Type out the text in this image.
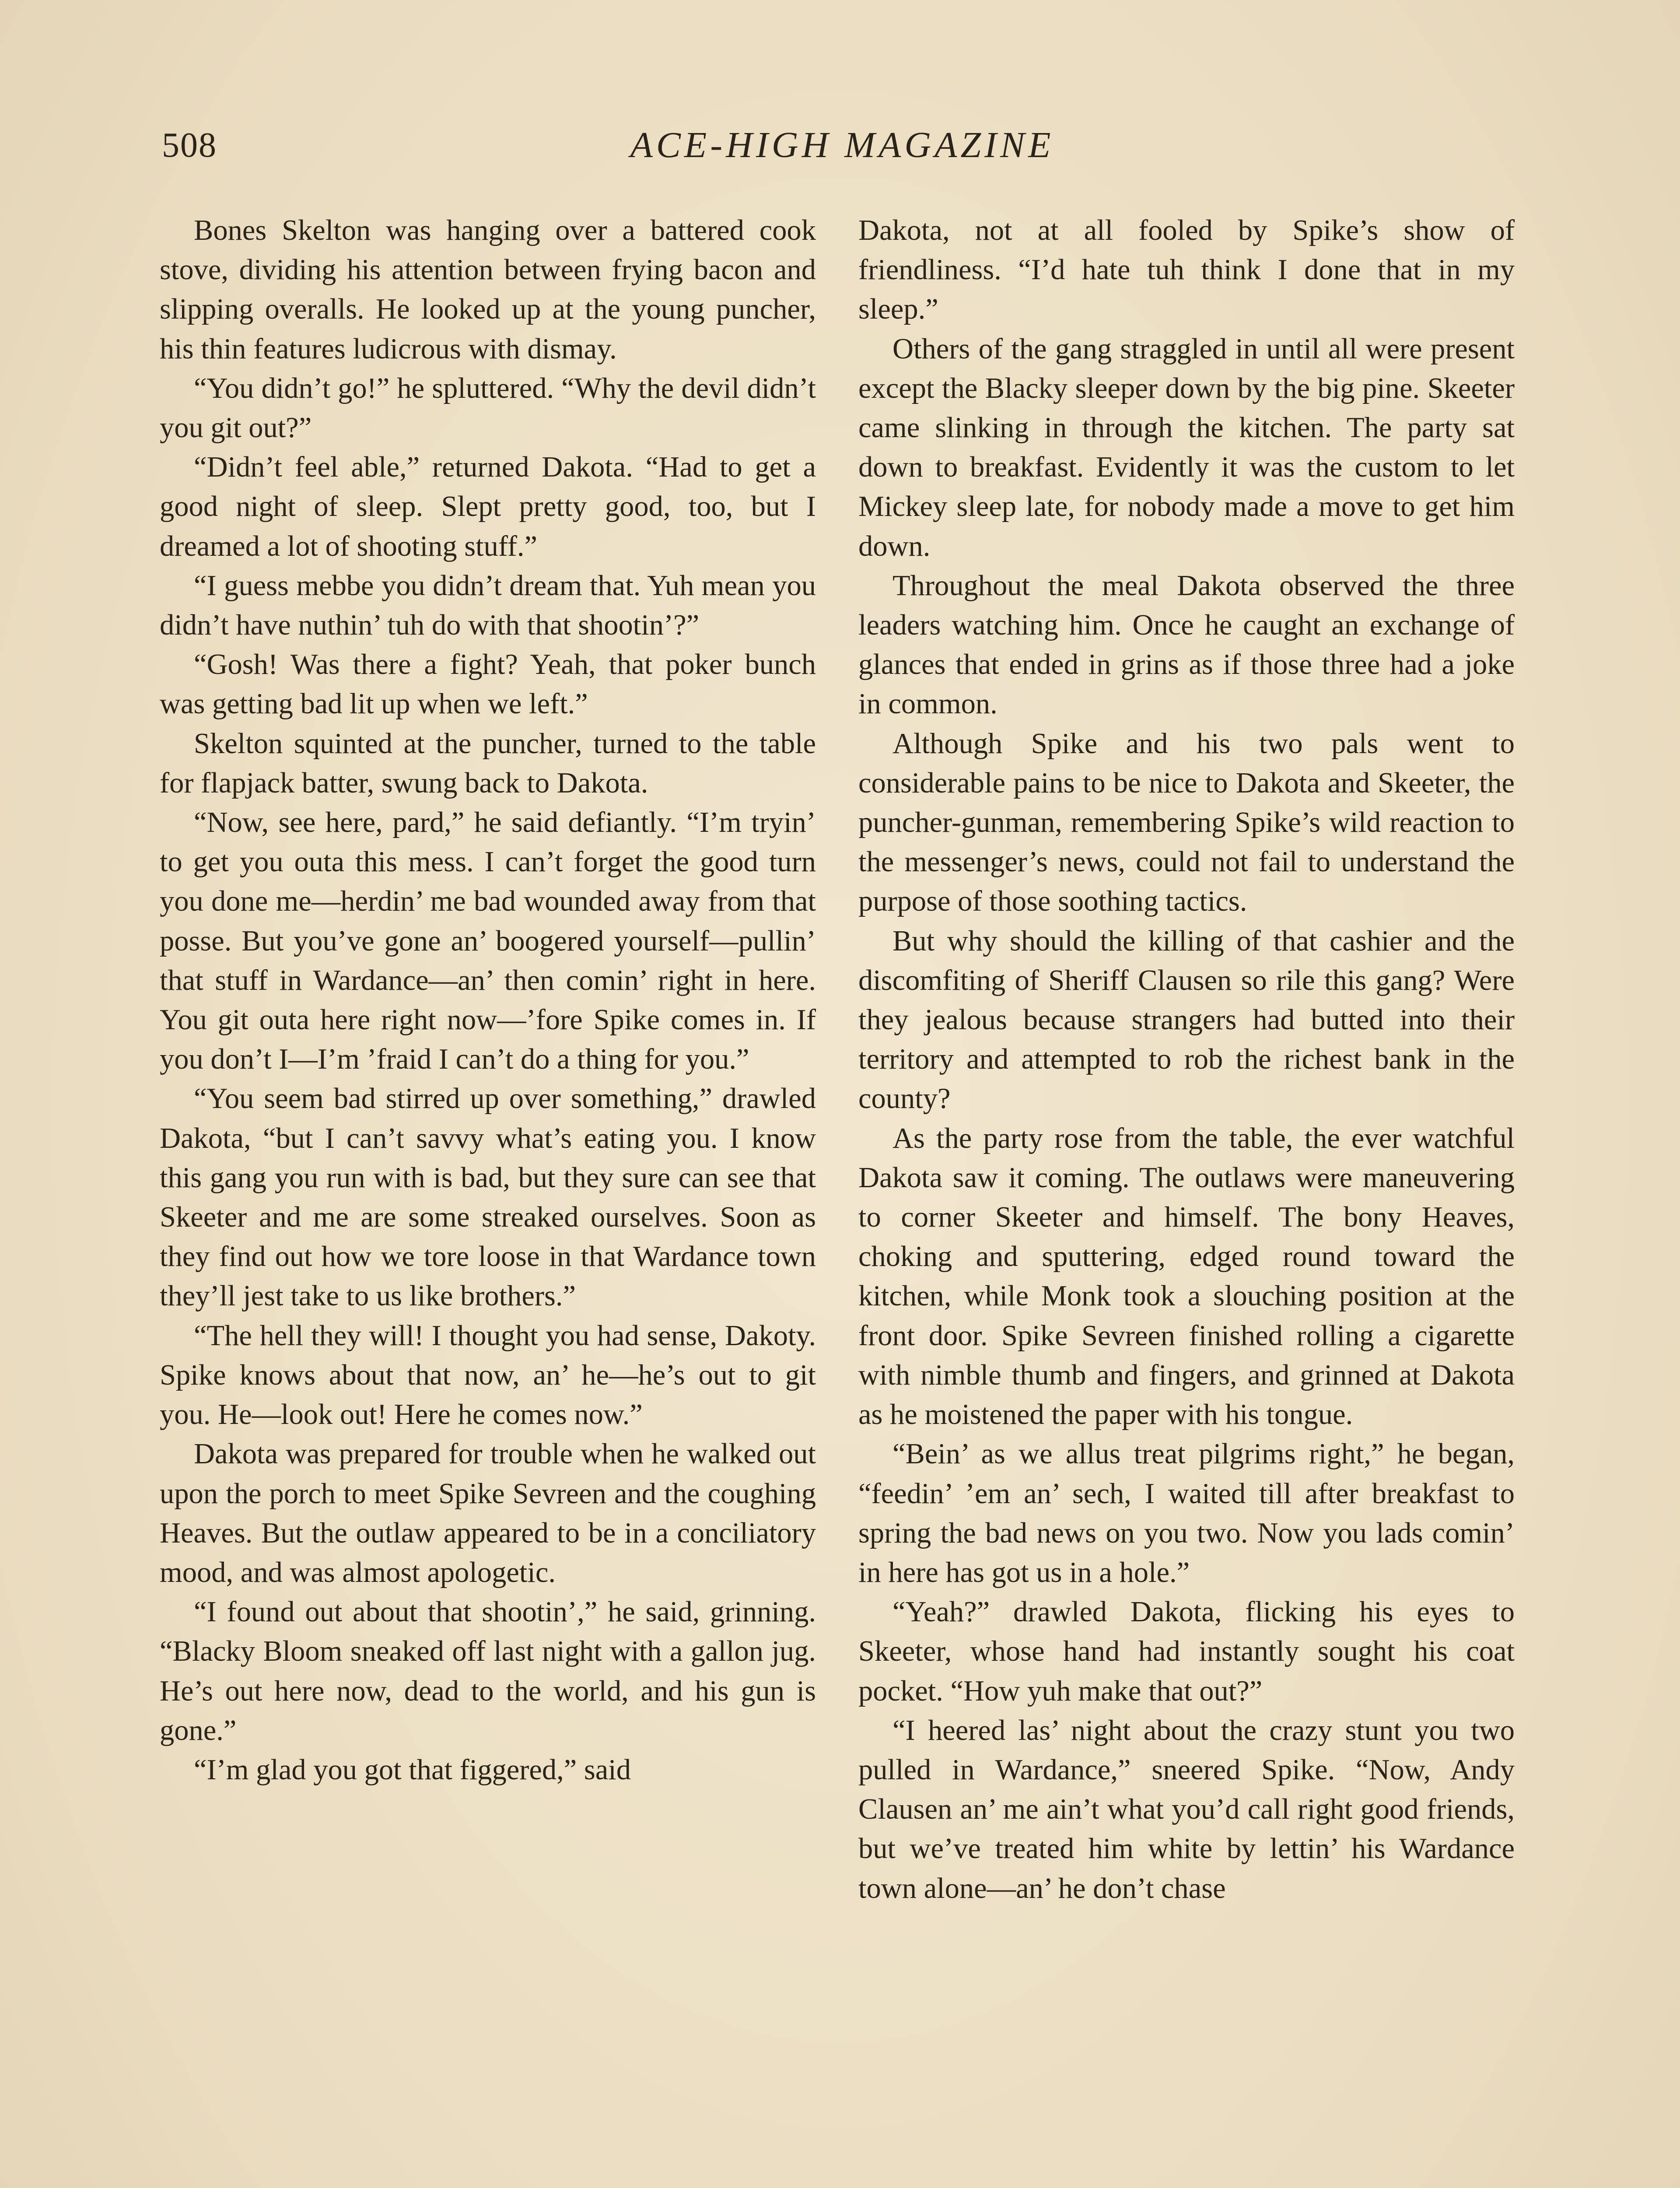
508	ACE-HIGH MAGAZINE

Bones Skelton was hanging over a battered cook stove, dividing his attention between frying bacon and slipping overalls. He looked up at the young puncher, his thin features ludicrous with dismay.

“You didn’t go!” he spluttered. “Why the devil didn’t you git out?”

“Didn’t feel able,” returned Dakota. “Had to get a good night of sleep. Slept pretty good, too, but I dreamed a lot of shooting stuff.”

“I guess mebbe you didn’t dream that. Yuh mean you didn’t have nuthin’ tuh do with that shootin’?”

“Gosh! Was there a fight? Yeah, that poker bunch was getting bad lit up when we left.”

Skelton squinted at the puncher, turned to the table for flapjack batter, swung back to Dakota.

“Now, see here, pard,” he said defiantly. “I’m tryin’ to get you outa this mess. I can’t forget the good turn you done me—herdin’ me bad wounded away from that posse. But you’ve gone an’ boogered yourself—pullin’ that stuff in Wardance—an’ then comin’ right in here. You git outa here right now—’fore Spike comes in. If you don’t I—I’m ’fraid I can’t do a thing for you.”

“You seem bad stirred up over something,” drawled Dakota, “but I can’t savvy what’s eating you. I know this gang you run with is bad, but they sure can see that Skeeter and me are some streaked ourselves. Soon as they find out how we tore loose in that Wardance town they’ll jest take to us like brothers.”

“The hell they will! I thought you had sense, Dakoty. Spike knows about that now, an’ he—he’s out to git you. He—look out! Here he comes now.”

Dakota was prepared for trouble when he walked out upon the porch to meet Spike Sevreen and the coughing Heaves. But the outlaw appeared to be in a conciliatory mood, and was almost apologetic.

“I found out about that shootin’,” he said, grinning. “Blacky Bloom sneaked off last night with a gallon jug. He’s out here now, dead to the world, and his gun is gone.”

“I’m glad you got that figgered,” said

Dakota, not at all fooled by Spike’s show of friendliness. “I’d hate tuh think I done that in my sleep.”

Others of the gang straggled in until all were present except the Blacky sleeper down by the big pine. Skeeter came slinking in through the kitchen. The party sat down to breakfast. Evidently it was the custom to let Mickey sleep late, for nobody made a move to get him down.

Throughout the meal Dakota observed the three leaders watching him. Once he caught an exchange of glances that ended in grins as if those three had a joke in common.

Although Spike and his two pals went to considerable pains to be nice to Dakota and Skeeter, the puncher-gunman, remembering Spike’s wild reaction to the messenger’s news, could not fail to understand the purpose of those soothing tactics.

But why should the killing of that cashier and the discomfiting of Sheriff Clausen so rile this gang? Were they jealous because strangers had butted into their territory and attempted to rob the richest bank in the county?

As the party rose from the table, the ever watchful Dakota saw it coming. The outlaws were maneuvering to corner Skeeter and himself. The bony Heaves, choking and sputtering, edged round toward the kitchen, while Monk took a slouching position at the front door. Spike Sevreen finished rolling a cigarette with nimble thumb and fingers, and grinned at Dakota as he moistened the paper with his tongue.

“Bein’ as we allus treat pilgrims right,” he began, “feedin’ ’em an’ sech, I waited till after breakfast to spring the bad news on you two. Now you lads comin’ in here has got us in a hole.”

“Yeah?” drawled Dakota, flicking his eyes to Skeeter, whose hand had instantly sought his coat pocket. “How yuh make that out?”

“I heered las’ night about the crazy stunt you two pulled in Wardance,” sneered Spike. “Now, Andy Clausen an’ me ain’t what you’d call right good friends, but we’ve treated him white by lettin’ his Wardance town alone—an’ he don’t chase
